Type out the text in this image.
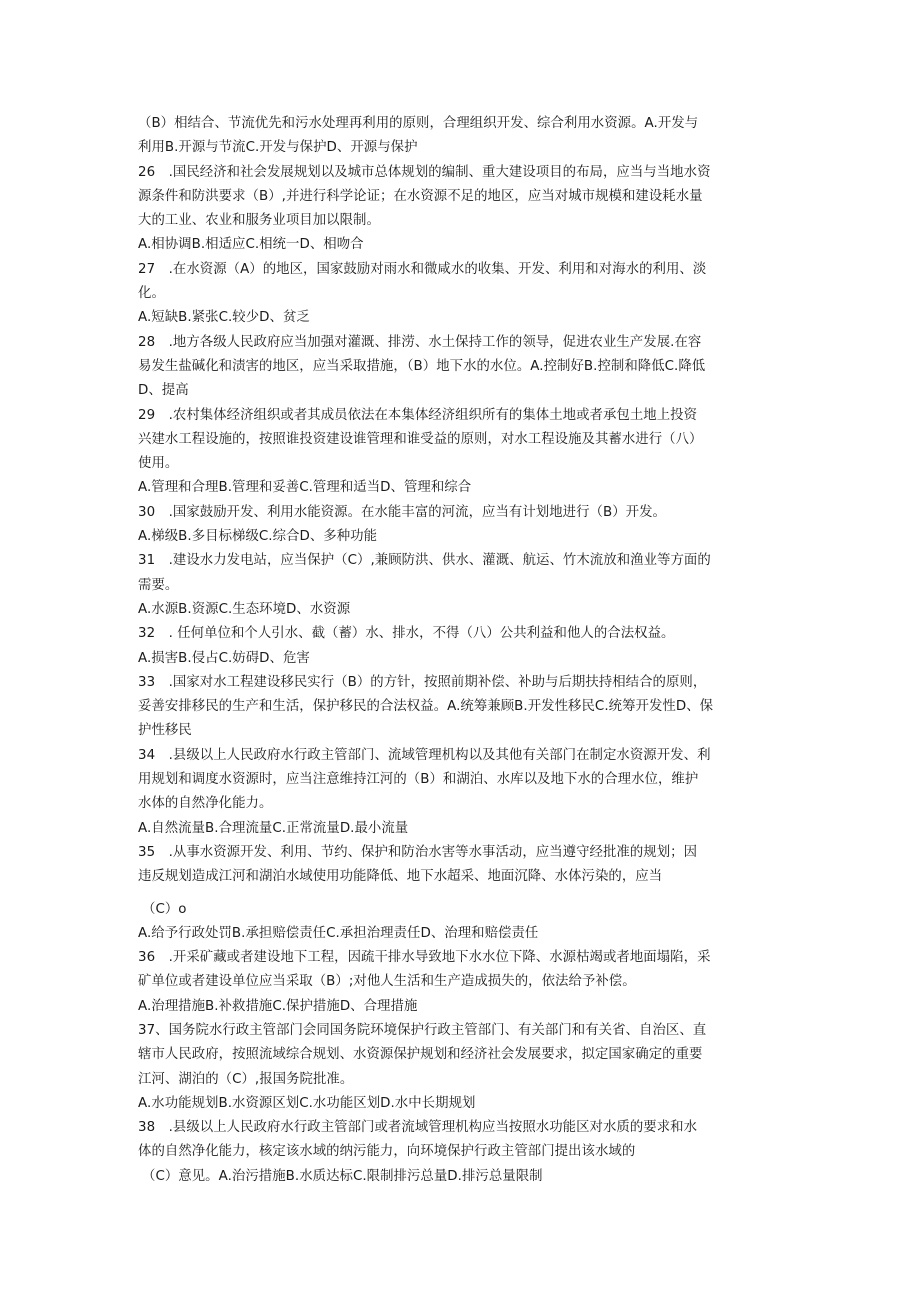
（B）相结合、节流优先和污水处理再利用的原则，合理组织开发、综合利用水资源。A.开发与
利用B.开源与节流C.开发与保护D、开源与保护
26　.国民经济和社会发展规划以及城市总体规划的编制、重大建设项目的布局，应当与当地水资
源条件和防洪要求（B）,并进行科学论证；在水资源不足的地区，应当对城市规模和建设耗水量
大的工业、农业和服务业项目加以限制。
A.相协调B.相适应C.相统一D、相吻合
27　.在水资源（A）的地区，国家鼓励对雨水和微咸水的收集、开发、利用和对海水的利用、淡
化。
A.短缺B.紧张C.较少D、贫乏
28　.地方各级人民政府应当加强对灌溉、排涝、水土保持工作的领导，促进农业生产发展.在容
易发生盐碱化和渍害的地区，应当采取措施，（B）地下水的水位。A.控制好B.控制和降低C.降低
D、提高
29　.农村集体经济组织或者其成员依法在本集体经济组织所有的集体土地或者承包土地上投资
兴建水工程设施的，按照谁投资建设谁管理和谁受益的原则，对水工程设施及其蓄水进行（八）
使用。
A.管理和合理B.管理和妥善C.管理和适当D、管理和综合
30　.国家鼓励开发、利用水能资源。在水能丰富的河流，应当有计划地进行（B）开发。
A.梯级B.多目标梯级C.综合D、多种功能
31　.建设水力发电站，应当保护（C）,兼顾防洪、供水、灌溉、航运、竹木流放和渔业等方面的
需要。
A.水源B.资源C.生态环境D、水资源
32　. 任何单位和个人引水、截（蓄）水、排水，不得（八）公共利益和他人的合法权益。
A.损害B.侵占C.妨碍D、危害
33　.国家对水工程建设移民实行（B）的方针，按照前期补偿、补助与后期扶持相结合的原则，
妥善安排移民的生产和生活，保护移民的合法权益。A.统筹兼顾B.开发性移民C.统筹开发性D、保
护性移民
34　.县级以上人民政府水行政主管部门、流域管理机构以及其他有关部门在制定水资源开发、利
用规划和调度水资源时，应当注意维持江河的（B）和湖泊、水库以及地下水的合理水位，维护
水体的自然净化能力。
A.自然流量B.合理流量C.正常流量D.最小流量
35　.从事水资源开发、利用、节约、保护和防治水害等水事活动，应当遵守经批准的规划；因
违反规划造成江河和湖泊水域使用功能降低、地下水超采、地面沉降、水体污染的，应当
（C）o
A.给予行政处罚B.承担赔偿责任C.承担治理责任D、治理和赔偿责任
36　.开采矿藏或者建设地下工程，因疏干排水导致地下水水位下降、水源枯竭或者地面塌陷，采
矿单位或者建设单位应当采取（B）;对他人生活和生产造成损失的，依法给予补偿。
A.治理措施B.补救措施C.保护措施D、合理措施
37、国务院水行政主管部门会同国务院环境保护行政主管部门、有关部门和有关省、自治区、直
辖市人民政府，按照流域综合规划、水资源保护规划和经济社会发展要求，拟定国家确定的重要
江河、湖泊的（C）,报国务院批准。
A.水功能规划B.水资源区划C.水功能区划D.水中长期规划
38　.县级以上人民政府水行政主管部门或者流域管理机构应当按照水功能区对水质的要求和水
体的自然净化能力，核定该水域的纳污能力，向环境保护行政主管部门提出该水域的
（C）意见。A.治污措施B.水质达标C.限制排污总量D.排污总量限制
